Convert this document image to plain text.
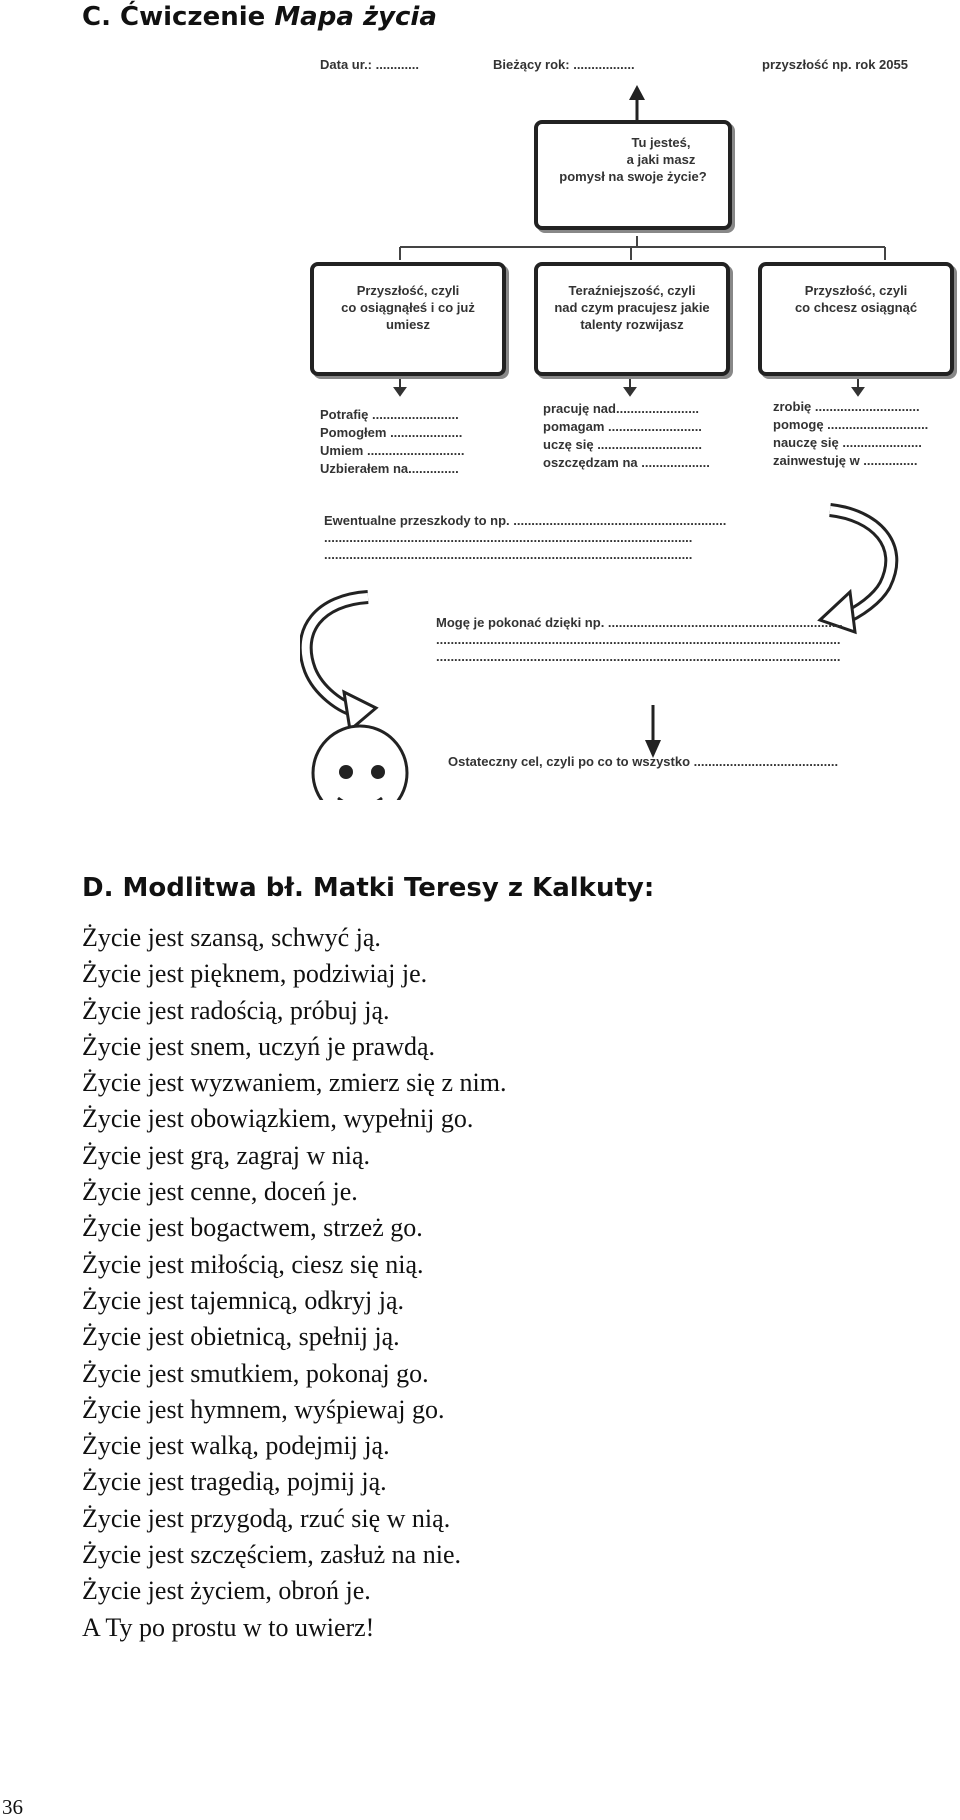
C. Ćwiczenie Mapa życia
Data ur.: ............	Bieżący rok: .................	przyszłość np. rok 2055
Tu jesteś,
a jaki masz
pomysł na swoje życie?
Przyszłość, czyli
co osiągnąłeś i co już
umiesz
Teraźniejszość, czyli
nad czym pracujesz jakie
talenty rozwijasz
Przyszłość, czyli
co chcesz osiągnąć
Potrafię ........................
Pomogłem ....................
Umiem ...........................
Uzbierałem na..............
pracuję nad.......................
pomagam ..........................
uczę się .............................
oszczędzam na ...................
zrobię .............................
pomogę ............................
nauczę się ......................
zainwestuję w ...............
Ewentualne przeszkody to np. ...........................................................
......................................................................................................
......................................................................................................
Mogę je pokonać dzięki np. .................................................................
................................................................................................................
................................................................................................................
Ostateczny cel, czyli po co to wszystko ........................................
D. Modlitwa bł. Matki Teresy z Kalkuty:
Życie jest szansą, schwyć ją.
Życie jest pięknem, podziwiaj je.
Życie jest radością, próbuj ją.
Życie jest snem, uczyń je prawdą.
Życie jest wyzwaniem, zmierz się z nim.
Życie jest obowiązkiem, wypełnij go.
Życie jest grą, zagraj w nią.
Życie jest cenne, doceń je.
Życie jest bogactwem, strzeż go.
Życie jest miłością, ciesz się nią.
Życie jest tajemnicą, odkryj ją.
Życie jest obietnicą, spełnij ją.
Życie jest smutkiem, pokonaj go.
Życie jest hymnem, wyśpiewaj go.
Życie jest walką, podejmij ją.
Życie jest tragedią, pojmij ją.
Życie jest przygodą, rzuć się w nią.
Życie jest szczęściem, zasłuż na nie.
Życie jest życiem, obroń je.
A Ty po prostu w to uwierz!
36
